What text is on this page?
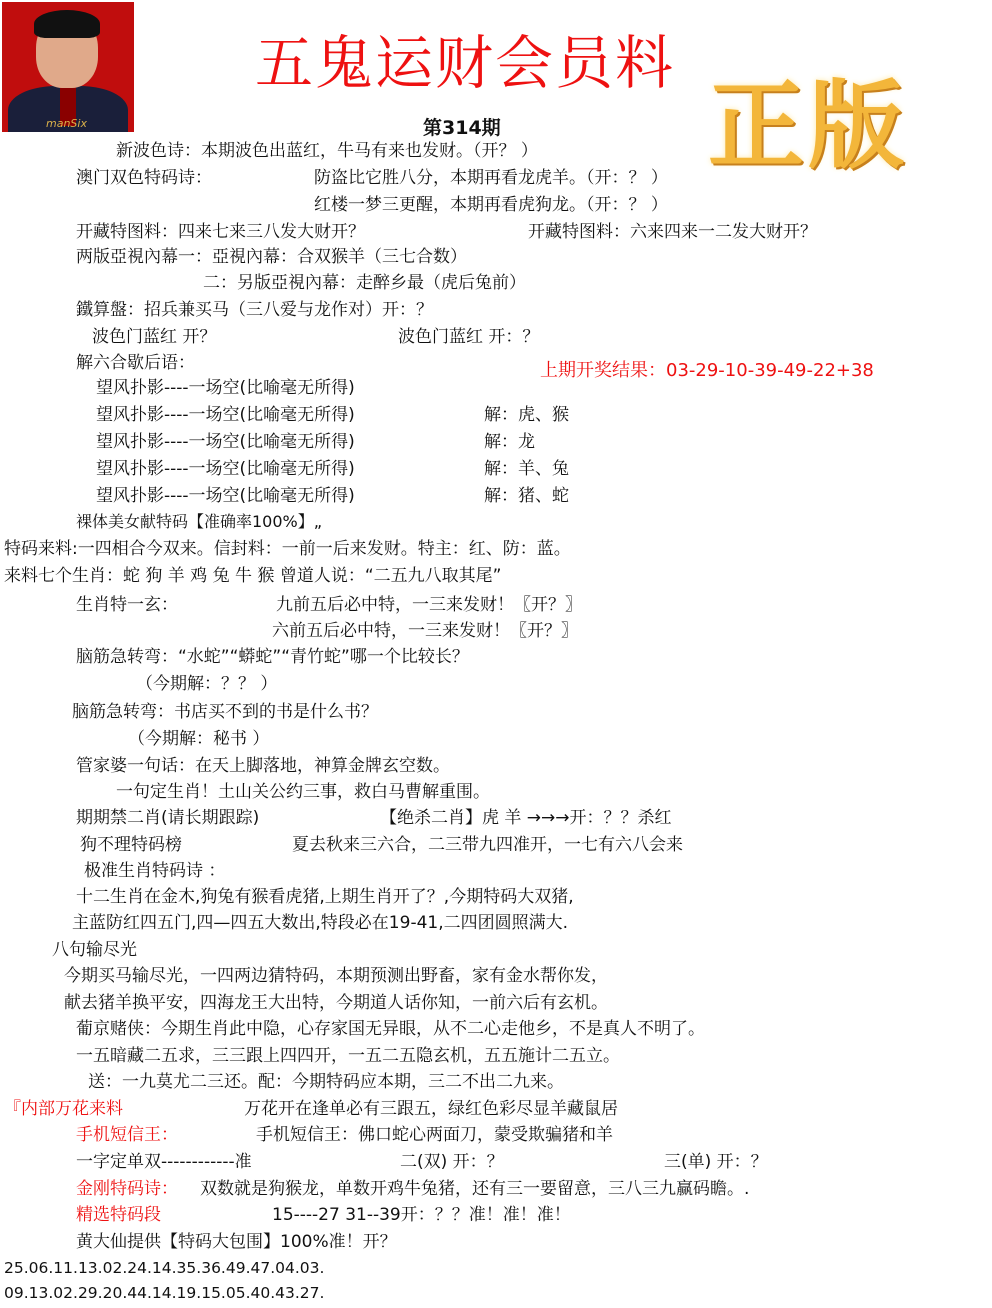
manSix
五鬼运财会员料
正版
第314期
新波色诗：本期波色出蓝红，牛马有来也发财。（开？ ）
澳门双色特码诗：	防盗比它胜八分，本期再看龙虎羊。（开：？ ）
红楼一梦三更醒，本期再看虎狗龙。（开：？ ）
开藏特图料：四来七来三八发大财开？	开藏特图料：六来四来一二发大财开？
两版亞視內幕一：亞視內幕：合双猴羊（三七合数）
二：另版亞視內幕：走醉乡最（虎后兔前）
鐵算盤：招兵兼买马（三八爱与龙作对）开：？
波色门蓝红 开？	波色门蓝红 开：？
解六合歇后语：	上期开奖结果：03-29-10-39-49-22+38
望风扑影----一场空(比喻毫无所得)
望风扑影----一场空(比喻毫无所得)	解：虎、猴
望风扑影----一场空(比喻毫无所得)	解：龙
望风扑影----一场空(比喻毫无所得)	解：羊、兔
望风扑影----一场空(比喻毫无所得)	解：猪、蛇
裸体美女献特码【准确率100%】„
特码来料:一四相合今双来。信封料：一前一后来发财。特主：红、防：蓝。
来料七个生肖：蛇 狗 羊 鸡 兔 牛 猴 曾道人说：“二五九八取其尾”
生肖特一玄：	九前五后必中特，一三来发财！〖开？〗
六前五后必中特，一三来发财！〖开？〗
脑筋急转弯：“水蛇”“蟒蛇”“青竹蛇”哪一个比较长？
（今期解：？？ ）
脑筋急转弯：书店买不到的书是什么书？
（今期解：秘书 ）
管家婆一句话：在天上脚落地，神算金牌玄空数。
一句定生肖！土山关公约三事，救白马曹解重围。
期期禁二肖(请长期跟踪)	【绝杀二肖】虎 羊 →→→开：？？杀红
狗不理特码榜	夏去秋来三六合，二三带九四准开，一七有六八会来
极准生肖特码诗 ：
十二生肖在金木,狗兔有猴看虎猪,上期生肖开了？,今期特码大双猪,
主蓝防红四五门,四—四五大数出,特段必在19-41,二四团圆照满大.
八句输尽光
今期买马输尽光，一四两边猜特码，本期预测出野畜，家有金水帮你发，
献去猪羊换平安，四海龙王大出特，今期道人话你知，一前六后有玄机。
葡京赌侠：今期生肖此中隐，心存家国无异眼，从不二心走他乡，不是真人不明了。
一五暗藏二五求，三三跟上四四开，一五二五隐玄机，五五施计二五立。
送：一九莫尤二三还。配：今期特码应本期，三二不出二九来。
『内部万花来料	万花开在逢单必有三跟五，绿红色彩尽显羊藏鼠居
手机短信王：	手机短信王：佛口蛇心两面刀，蒙受欺骗猪和羊
一字定单双------------准	二(双) 开：？	三(单) 开：？
金刚特码诗： 双数就是狗猴龙，单数开鸡牛兔猪，还有三一要留意，三八三九赢码瞻。.
精选特码段	15----27 31--39开：？？准！准！准！
黄大仙提供【特码大包围】100%准！开？
25.06.11.13.02.24.14.35.36.49.47.04.03.
09.13.02.29.20.44.14.19.15.05.40.43.27.
